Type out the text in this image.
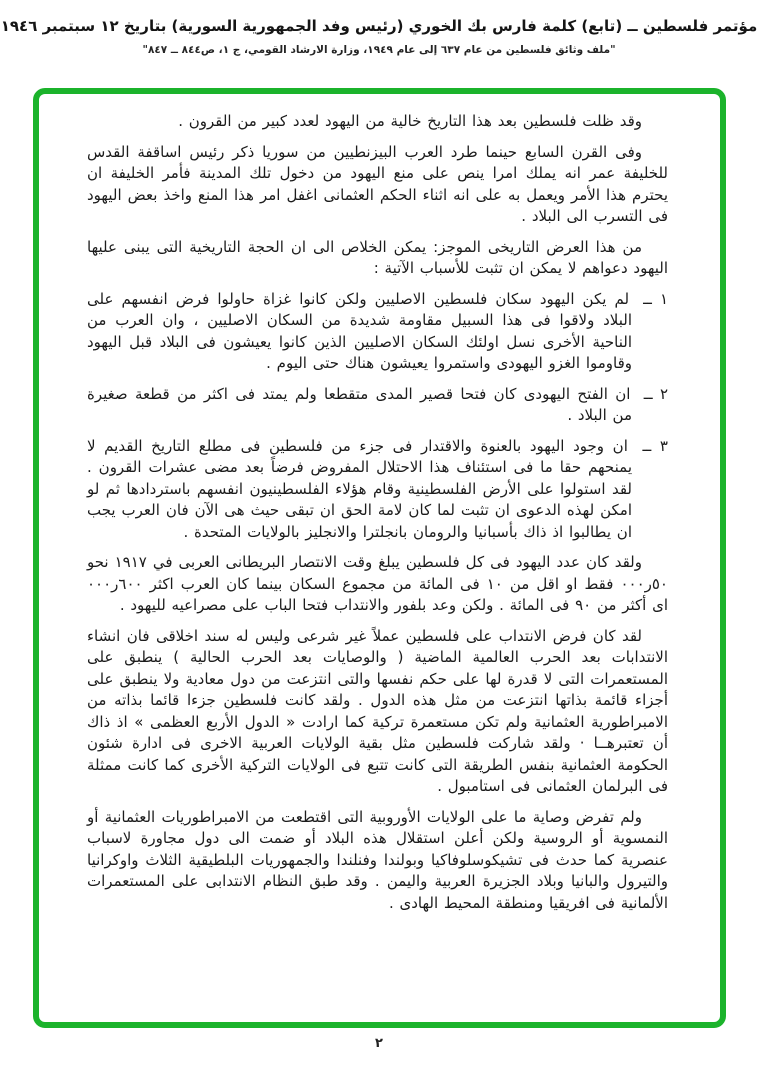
مؤتمر فلسطين ــ (تابع) كلمة فارس بك الخوري (رئيس وفد الجمهورية السورية) بتاريخ ١٢ سبتمبر ١٩٤٦
"ملف وثائق فلسطين من عام ٦٣٧ إلى عام ١٩٤٩، وزارة الارشاد القومي، ج ١، ص٨٤٤ ــ ٨٤٧"
وقد ظلت فلسطين بعد هذا التاريخ خالية من اليهود لعدد كبير من القرون .
وفى القرن السابع حينما طرد العرب البيزنطيين من سوريا ذكر رئيس اساقفة القدس للخليفة عمر انه يملك امرا ينص على منع اليهود من دخول تلك المدينة فأمر الخليفة ان يحترم هذا الأمر ويعمل به على انه اثناء الحكم العثمانى اغفل امر هذا المنع واخذ بعض اليهود فى التسرب الى البلاد .
من هذا العرض التاريخى الموجز: يمكن الخلاص الى ان الحجة التاريخية التى يبنى عليها اليهود دعواهم لا يمكن ان تثبت للأسباب الآتية :
١ ــ لم يكن اليهود سكان فلسطين الاصليين ولكن كانوا غزاة حاولوا فرض انفسهم على البلاد ولاقوا فى هذا السبيل مقاومة شديدة من السكان الاصليين ، وان العرب من الناحية الأخرى نسل اولئك السكان الاصليين الذين كانوا يعيشون فى البلاد قبل اليهود وقاوموا الغزو اليهودى واستمروا يعيشون هناك حتى اليوم .
٢ ــ ان الفتح اليهودى كان فتحا قصير المدى متقطعا ولم يمتد فى اكثر من قطعة صغيرة من البلاد .
٣ ــ ان وجود اليهود بالعنوة والاقتدار فى جزء من فلسطين فى مطلع التاريخ القديم لا يمنحهم حقا ما فى استئناف هذا الاحتلال المفروض فرضاً بعد مضى عشرات القرون . لقد استولوا على الأرض الفلسطينية وقام هؤلاء الفلسطينيون انفسهم باستردادها ثم لو امكن لهذه الدعوى ان تثبت لما كان لامة الحق ان تبقى حيث هى الآن فان العرب يجب ان يطالبوا اذ ذاك بأسبانيا والرومان بانجلترا والانجليز بالولايات المتحدة .
ولقد كان عدد اليهود فى كل فلسطين يبلغ وقت الانتصار البريطانى العربى في ١٩١٧ نحو ٥٠ر٠٠٠ فقط او اقل من ١٠ فى المائة من مجموع السكان بينما كان العرب اكثر ٦٠٠ر٠٠٠ اى أكثر من ٩٠ فى المائة . ولكن وعد بلفور والانتداب فتحا الباب على مصراعيه لليهود .
لقد كان فرض الانتداب على فلسطين عملاً غير شرعى وليس له سند اخلاقى فان انشاء الانتدابات بعد الحرب العالمية الماضية ( والوصايات بعد الحرب الحالية ) ينطبق على المستعمرات التى لا قدرة لها على حكم نفسها والتى انتزعت من دول معادية ولا ينطبق على أجزاء قائمة بذاتها انتزعت من مثل هذه الدول . ولقد كانت فلسطين جزءا قائما بذاته من الامبراطورية العثمانية ولم تكن مستعمرة تركية كما ارادت « الدول الأربع العظمى » اذ ذاك أن تعتبرهــا · ولقد شاركت فلسطين مثل بقية الولايات العربية الاخرى فى ادارة شئون الحكومة العثمانية بنفس الطريقة التى كانت تتبع فى الولايات التركية الأخرى كما كانت ممثلة فى البرلمان العثمانى فى استامبول .
ولم تفرض وصاية ما على الولايات الأوروبية التى اقتطعت من الامبراطوريات العثمانية أو النمسوية أو الروسية ولكن أعلن استقلال هذه البلاد أو ضمت الى دول مجاورة لاسباب عنصرية كما حدث فى تشيكوسلوفاكيا وبولندا وفنلندا والجمهوريات البلطيقية الثلاث واوكرانيا والتيرول والبانيا وبلاد الجزيرة العربية واليمن . وقد طبق النظام الانتدابى على المستعمرات الألمانية فى افريقيا ومنطقة المحيط الهادى .
٢
